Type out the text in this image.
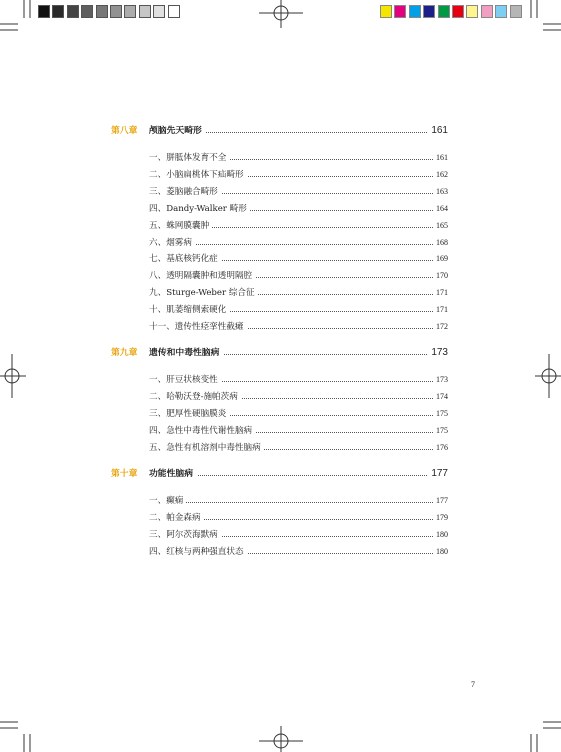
第八章 颅脑先天畸形	161
一、胼胝体发育不全	161
二、小脑扁桃体下疝畸形	162
三、菱脑融合畸形	163
四、Dandy-Walker 畸形	164
五、蛛网膜囊肿	165
六、烟雾病	168
七、基底核钙化症	169
八、透明隔囊肿和透明隔腔	170
九、Sturge-Weber 综合征	171
十、肌萎缩侧索硬化	171
十一、遗传性痉挛性截瘫	172
第九章 遗传和中毒性脑病	173
一、肝豆状核变性	173
二、哈勒沃登-施帕茨病	174
三、肥厚性硬脑膜炎	175
四、急性中毒性代谢性脑病	175
五、急性有机溶剂中毒性脑病	176
第十章 功能性脑病	177
一、癫痫	177
二、帕金森病	179
三、阿尔茨海默病	180
四、红核与两种强直状态	180
7
